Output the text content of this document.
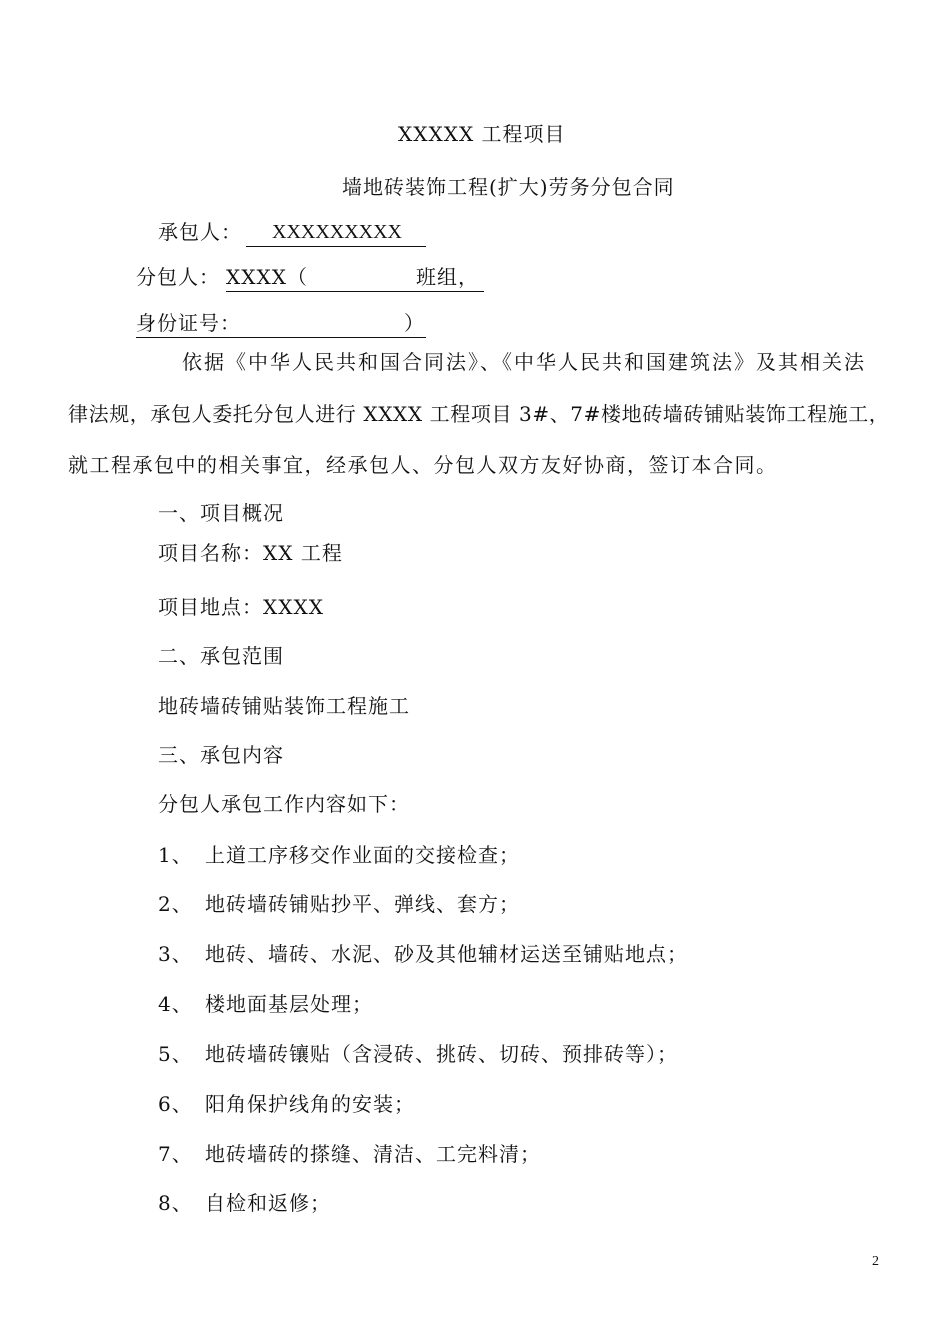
XXXXX 工程项目
墙地砖装饰工程(扩大)劳务分包合同
承包人： XXXXXXXXX
分包人： XXXX（	班组，
身份证号：	）
依据《中华人民共和国合同法》、《中华人民共和国建筑法》及其相关法
律法规，承包人委托分包人进行 XXXX 工程项目 3#、7#楼地砖墙砖铺贴装饰工程施工，
就工程承包中的相关事宜，经承包人、分包人双方友好协商，签订本合同。
一、项目概况
项目名称：XX 工程
项目地点：XXXX
二、承包范围
地砖墙砖铺贴装饰工程施工
三、承包内容
分包人承包工作内容如下：
1、 上道工序移交作业面的交接检查；
2、 地砖墙砖铺贴抄平、弹线、套方；
3、 地砖、墙砖、水泥、砂及其他辅材运送至铺贴地点；
4、 楼地面基层处理；
5、 地砖墙砖镶贴（含浸砖、挑砖、切砖、预排砖等）；
6、 阳角保护线角的安装；
7、 地砖墙砖的搽缝、清洁、工完料清；
8、 自检和返修；
2
